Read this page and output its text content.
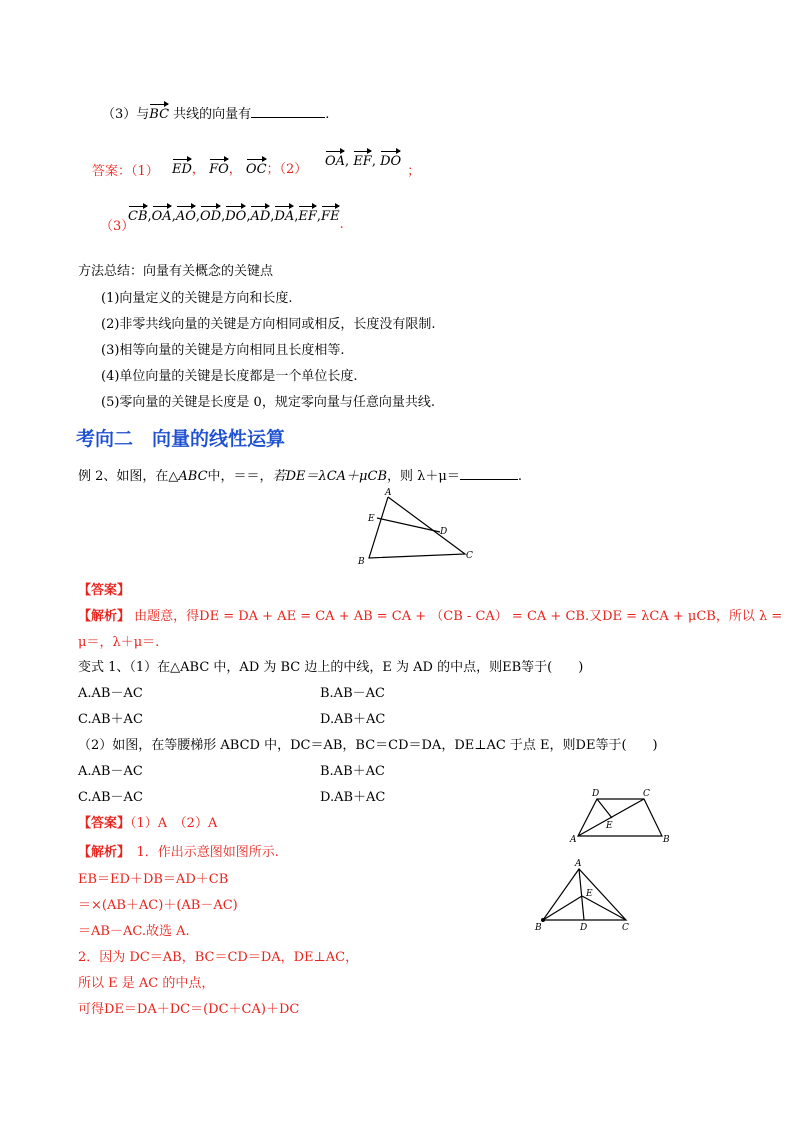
（3）与BC 共线的向量有	.
答案：（1） ED， FO， OC；（2）
OA, EF, DO；
（3）
CB,OA,AO,OD,DO,AD,DA,EF,FE.
方法总结：向量有关概念的关键点
(1)向量定义的关键是方向和长度.
(2)非零共线向量的关键是方向相同或相反，长度没有限制.
(3)相等向量的关键是方向相同且长度相等.
(4)单位向量的关键是长度都是一个单位长度.
(5)零向量的关键是长度是 0，规定零向量与任意向量共线.
考向二　向量的线性运算
例 2、如图，在△ABC中，＝＝，若DE＝λCA＋μCB，则 λ＋μ＝	.
A
E
D
B
C
【答案】
【解析】 由题意，得DE = DA + AE = CA + AB = CA + （CB - CA） = CA + CB.又DE = λCA + μCB，所以 λ =
μ＝，λ＋μ＝.
变式 1、（1）在△ABC 中，AD 为 BC 边上的中线，E 为 AD 的中点，则EB等于(　　)
A.AB－AC	B.AB－AC
C.AB＋AC	D.AB＋AC
（2）如图，在等腰梯形 ABCD 中，DC＝AB，BC＝CD＝DA，DE⊥AC 于点 E，则DE等于(　　)
A.AB－AC	B.AB＋AC
C.AB－AC	D.AB＋AC
【答案】（1）A　（2）A
【解析】　1．作出示意图如图所示.
EB＝ED＋DB＝AD＋CB
＝×(AB＋AC)＋(AB－AC)
＝AB－AC.故选 A.
2．因为 DC＝AB，BC＝CD＝DA，DE⊥AC，
所以 E 是 AC 的中点，
可得DE＝DA＋DC＝(DC＋CA)＋DC
D	C
E
A	B
A
E
B	D	C
